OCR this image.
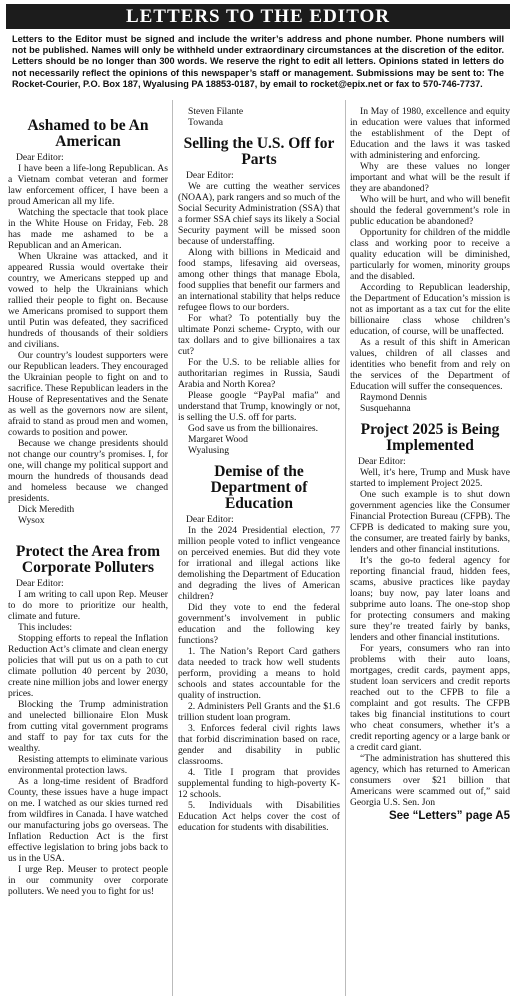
LETTERS TO THE EDITOR
Letters to the Editor must be signed and include the writer’s address and phone number. Phone numbers will not be published. Names will only be withheld under extraordinary circumstances at the discretion of the editor. Letters should be no longer than 300 words. We reserve the right to edit all letters. Opinions stated in letters do not necessarily reflect the opinions of this newspaper’s staff or management. Submissions may be sent to: The Rocket-Courier, P.O. Box 187, Wyalusing PA 18853-0187, by email to rocket@epix.net or fax to 570-746-7737.
Ashamed to be An American
Dear Editor:

I have been a life-long Republican. As a Vietnam combat veteran and former law enforcement officer, I have been a proud American all my life.

Watching the spectacle that took place in the White House on Friday, Feb. 28 has made me ashamed to be a Republican and an American.

When Ukraine was attacked, and it appeared Russia would overtake their country, we Americans stepped up and vowed to help the Ukrainians which rallied their people to fight on. Because we Americans promised to support them until Putin was defeated, they sacrificed hundreds of thousands of their soldiers and civilians.

Our country’s loudest supporters were our Republican leaders. They encouraged the Ukrainian people to fight on and to sacrifice. These Republican leaders in the House of Representatives and the Senate as well as the governors now are silent, afraid to stand as proud men and women, cowards to position and power.

Because we change presidents should not change our country’s promises. I, for one, will change my political support and mourn the hundreds of thousands dead and homeless because we changed presidents.

Dick Meredith
Wysox
Protect the Area from Corporate Polluters
Dear Editor:

I am writing to call upon Rep. Meuser to do more to prioritize our health, climate and future.

This includes:

Stopping efforts to repeal the Inflation Reduction Act’s climate and clean energy policies that will put us on a path to cut climate pollution 40 percent by 2030, create nine million jobs and lower energy prices.

Blocking the Trump administration and unelected billionaire Elon Musk from cutting vital government programs and staff to pay for tax cuts for the wealthy.

Resisting attempts to eliminate various environmental protection laws.

As a long-time resident of Bradford County, these issues have a huge impact on me. I watched as our skies turned red from wildfires in Canada. I have watched our manufacturing jobs go overseas. The Inflation Reduction Act is the first effective legislation to bring jobs back to us in the USA.

I urge Rep. Meuser to protect people in our community over corporate polluters. We need you to fight for us!

Steven Filante
Towanda
Selling the U.S. Off for Parts
Dear Editor:

We are cutting the weather services (NOAA), park rangers and so much of the Social Security Administration (SSA) that a former SSA chief says its likely a Social Security payment will be missed soon because of understaffing.

Along with billions in Medicaid and food stamps, lifesaving aid overseas, among other things that manage Ebola, food supplies that benefit our farmers and an international stability that helps reduce refugee flows to our borders.

For what? To potentially buy the ultimate Ponzi scheme- Crypto, with our tax dollars and to give billionaires a tax cut?

For the U.S. to be reliable allies for authoritarian regimes in Russia, Saudi Arabia and North Korea?

Please google “PayPal mafia” and understand that Trump, knowingly or not, is selling the U.S. off for parts.

God save us from the billionaires.

Margaret Wood
Wyalusing
Demise of the Department of Education
Dear Editor:

In the 2024 Presidential election, 77 million people voted to inflict vengeance on perceived enemies. But did they vote for irrational and illegal actions like demolishing the Department of Education and degrading the lives of American children?

Did they vote to end the federal government’s involvement in public education and the following key functions?

1. The Nation’s Report Card gathers data needed to track how well students perform, providing a means to hold schools and states accountable for the quality of instruction.

2. Administers Pell Grants and the $1.6 trillion student loan program.

3. Enforces federal civil rights laws that forbid discrimination based on race, gender and disability in public classrooms.

4. Title I program that provides supplemental funding to high-poverty K-12 schools.

5. Individuals with Disabilities Education Act helps cover the cost of education for students with disabilities.

In May of 1980, excellence and equity in education were values that informed the establishment of the Dept of Education and the laws it was tasked with administering and enforcing.

Why are these values no longer important and what will be the result if they are abandoned?

Who will be hurt, and who will benefit should the federal government’s role in public education be abandoned?

Opportunity for children of the middle class and working poor to receive a quality education will be diminished, particularly for women, minority groups and the disabled.

According to Republican leadership, the Department of Education’s mission is not as important as a tax cut for the elite billionaire class whose children’s education, of course, will be unaffected.

As a result of this shift in American values, children of all classes and identities who benefit from and rely on the services of the Department of Education will suffer the consequences.

Raymond Dennis
Susquehanna
Project 2025 is Being Implemented
Dear Editor:

Well, it’s here, Trump and Musk have started to implement Project 2025.

One such example is to shut down government agencies like the Consumer Financial Protection Bureau (CFPB). The CFPB is dedicated to making sure you, the consumer, are treated fairly by banks, lenders and other financial institutions.

It’s the go-to federal agency for reporting financial fraud, hidden fees, scams, abusive practices like payday loans; buy now, pay later loans and subprime auto loans. The one-stop shop for protecting consumers and making sure they’re treated fairly by banks, lenders and other financial institutions.

For years, consumers who ran into problems with their auto loans, mortgages, credit cards, payment apps, student loan servicers and credit reports reached out to the CFPB to file a complaint and got results. The CFPB takes big financial institutions to court who cheat consumers, whether it’s a credit reporting agency or a large bank or a credit card giant.

“The administration has shuttered this agency, which has returned to American consumers over $21 billion that Americans were scammed out of,” said Georgia U.S. Sen. Jon

See “Letters” page A5
